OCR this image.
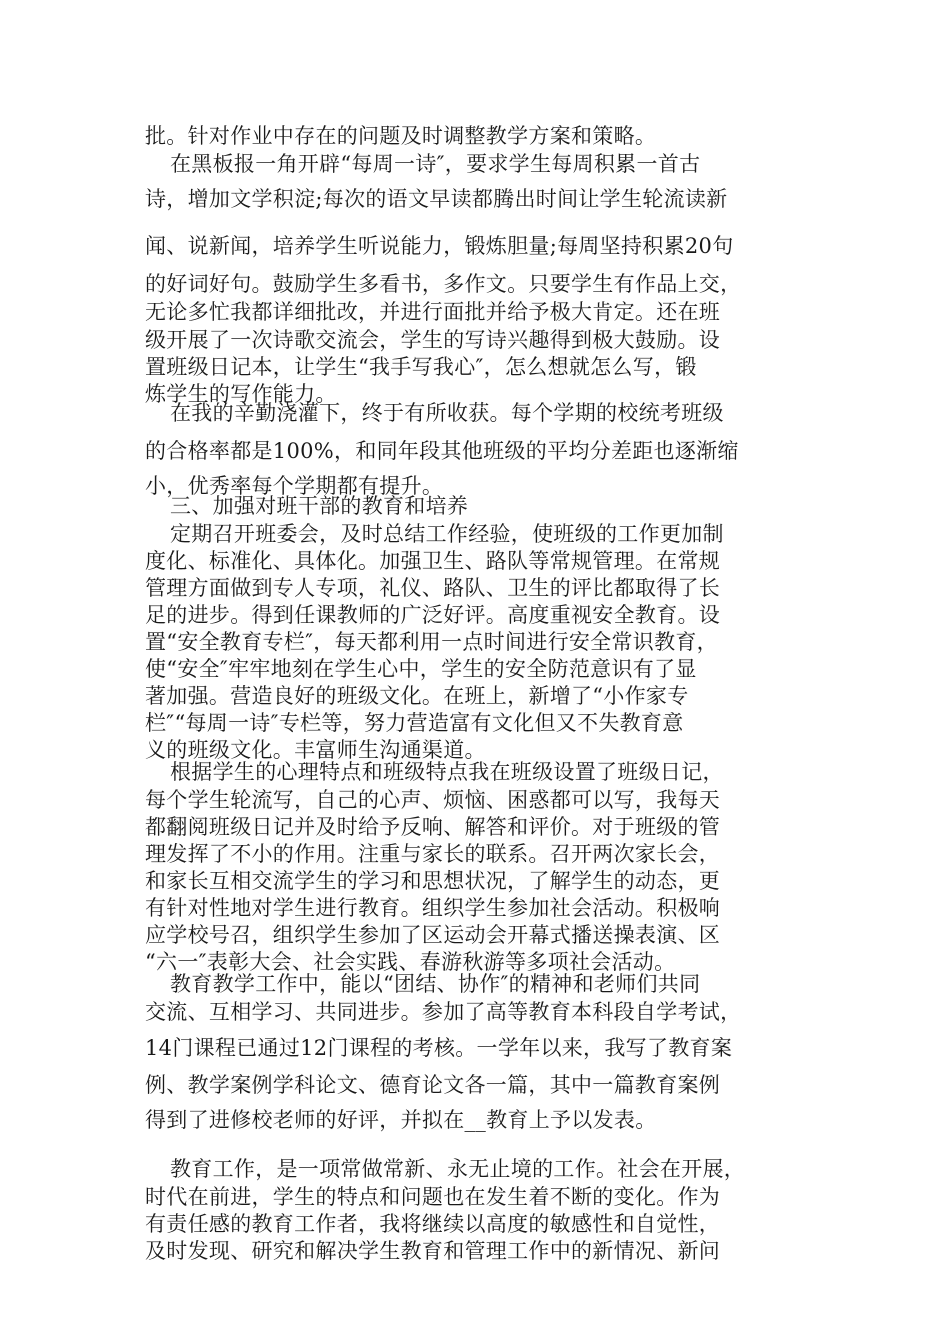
批。针对作业中存在的问题及时调整教学方案和策略。
在黑板报一角开辟“每周一诗″，要求学生每周积累一首古
诗，增加文学积淀;每次的语文早读都腾出时间让学生轮流读新
闻、说新闻，培养学生听说能力，锻炼胆量;每周坚持积累20句
的好词好句。鼓励学生多看书，多作文。只要学生有作品上交，
无论多忙我都详细批改，并进行面批并给予极大肯定。还在班
级开展了一次诗歌交流会，学生的写诗兴趣得到极大鼓励。设
置班级日记本，让学生“我手写我心″，怎么想就怎么写，锻
炼学生的写作能力。
在我的辛勤浇灌下，终于有所收获。每个学期的校统考班级
的合格率都是100%，和同年段其他班级的平均分差距也逐渐缩
小，优秀率每个学期都有提升。
三、加强对班干部的教育和培养
定期召开班委会，及时总结工作经验，使班级的工作更加制
度化、标准化、具体化。加强卫生、路队等常规管理。在常规
管理方面做到专人专项，礼仪、路队、卫生的评比都取得了长
足的进步。得到任课教师的广泛好评。高度重视安全教育。设
置“安全教育专栏″，每天都利用一点时间进行安全常识教育，
使“安全″牢牢地刻在学生心中，学生的安全防范意识有了显
著加强。营造良好的班级文化。在班上，新增了“小作家专
栏″“每周一诗″专栏等，努力营造富有文化但又不失教育意
义的班级文化。丰富师生沟通渠道。
根据学生的心理特点和班级特点我在班级设置了班级日记，
每个学生轮流写，自己的心声、烦恼、困惑都可以写，我每天
都翻阅班级日记并及时给予反响、解答和评价。对于班级的管
理发挥了不小的作用。注重与家长的联系。召开两次家长会，
和家长互相交流学生的学习和思想状况，了解学生的动态，更
有针对性地对学生进行教育。组织学生参加社会活动。积极响
应学校号召，组织学生参加了区运动会开幕式播送操表演、区
“六一″表彰大会、社会实践、春游秋游等多项社会活动。
教育教学工作中，能以“团结、协作″的精神和老师们共同
交流、互相学习、共同进步。参加了高等教育本科段自学考试，
14门课程已通过12门课程的考核。一学年以来，我写了教育案
例、教学案例学科论文、德育论文各一篇，其中一篇教育案例
得到了进修校老师的好评，并拟在__教育上予以发表。
教育工作，是一项常做常新、永无止境的工作。社会在开展，
时代在前进，学生的特点和问题也在发生着不断的变化。作为
有责任感的教育工作者，我将继续以高度的敏感性和自觉性，
及时发现、研究和解决学生教育和管理工作中的新情况、新问
